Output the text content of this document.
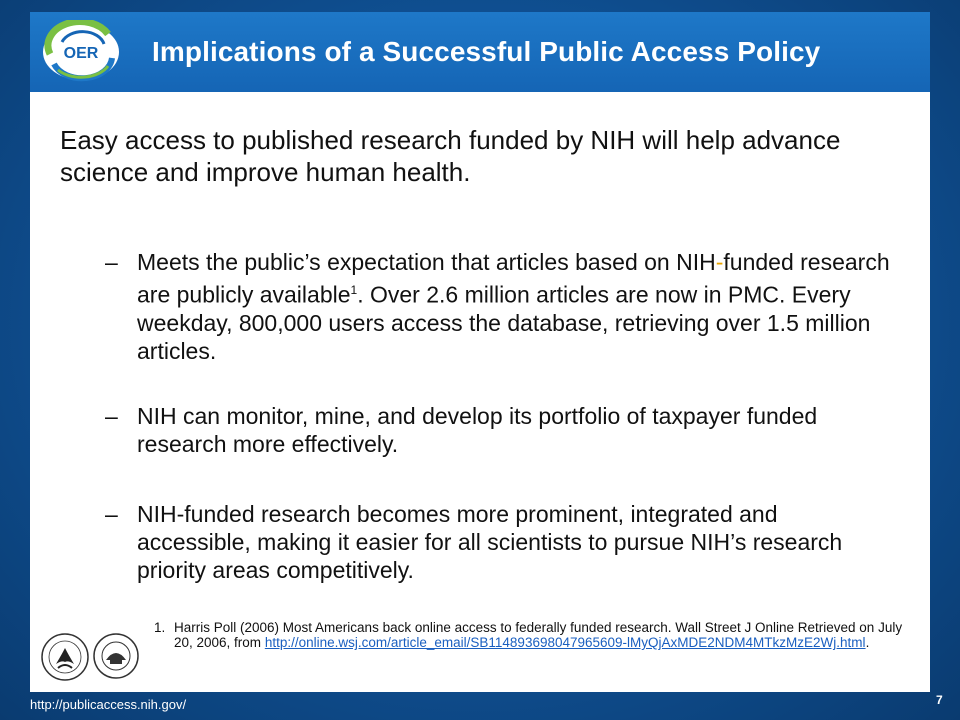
OER Implications of a Successful Public Access Policy

Easy access to published research funded by NIH will help advance science and improve human health.

– Meets the public’s expectation that articles based on NIH-funded research are publicly available$^1$. Over 2.6 million articles are now in PMC. Every weekday, 800,000 users access the database, retrieving over 1.5 million articles.
– NIH can monitor, mine, and develop its portfolio of taxpayer funded research more effectively.
– NIH-funded research becomes more prominent, integrated and accessible, making it easier for all scientists to pursue NIH’s research priority areas competitively.
1. Harris Poll (2006) Most Americans back online access to federally funded research. Wall Street J Online Retrieved on July 20, 2006, from http://online.wsj.com/article_email/SB114893698047965609-lMyQjAxMDE2NDM4MTkzMzE2Wj.html.
http://publicaccess.nih.gov/	7
